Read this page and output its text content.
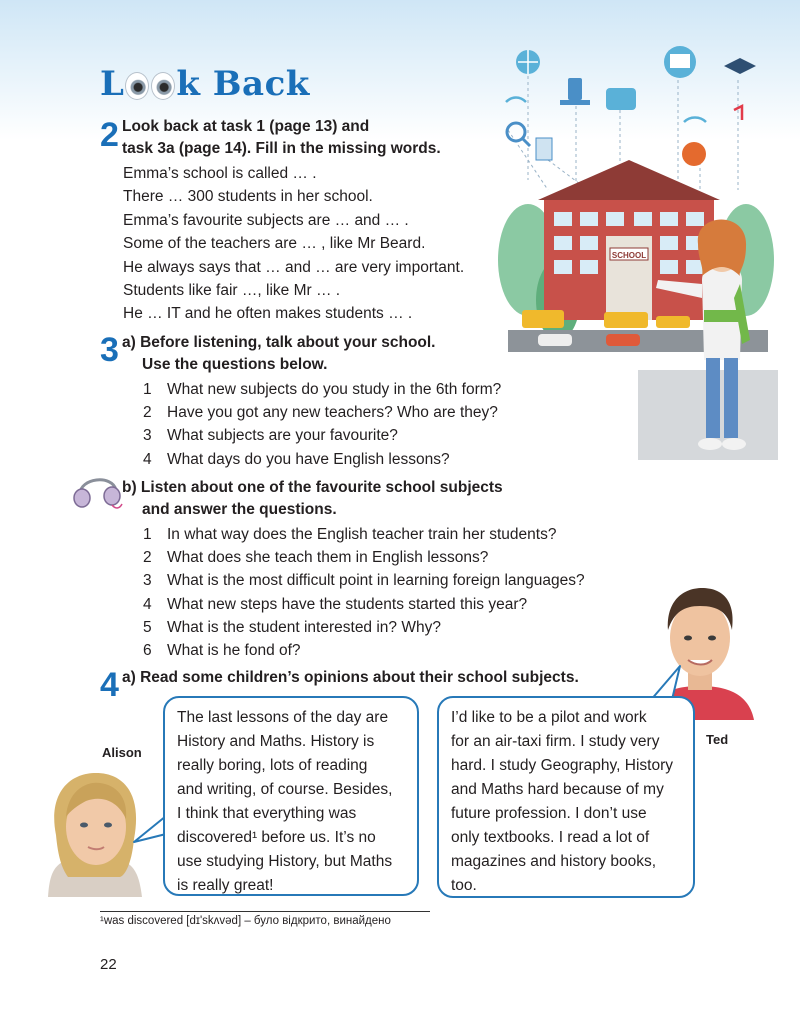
L k Back
2 Look back at task 1 (page 13) and
task 3a (page 14). Fill in the missing words.
Emma’s school is called … .
There … 300 students in her school.
Emma’s favourite subjects are … and … .
Some of the teachers are … , like Mr Beard.
He always says that … and … are very important.
Students like fair …, like Mr … .
He … IT and he often makes students … .
3 a) Before listening, talk about your school.
Use the questions below.
1 What new subjects do you study in the 6th form?
2 Have you got any new teachers? Who are they?
3 What subjects are your favourite?
4 What days do you have English lessons?
b) Listen about one of the favourite school subjects
and answer the questions.
1 In what way does the English teacher train her students?
2 What does she teach them in English lessons?
3 What is the most difficult point in learning foreign languages?
4 What new steps have the students started this year?
5 What is the student interested in? Why?
6 What is he fond of?
4 a) Read some children’s opinions about their school subjects.
Alison
The last lessons of the day are
History and Maths. History is
really boring, lots of reading
and writing, of course. Besides,
I think that everything was
discovered¹ before us. It’s no
use studying History, but Maths
is really great!
Ted
I’d like to be a pilot and work
for an air-taxi firm. I study very
hard. I study Geography, History
and Maths hard because of my
future profession. I don’t use
only textbooks. I read a lot of
magazines and history books,
too.
SCHOOL
¹was discovered [dɪ'skʌvəd] – було відкрито, винайдено
22
